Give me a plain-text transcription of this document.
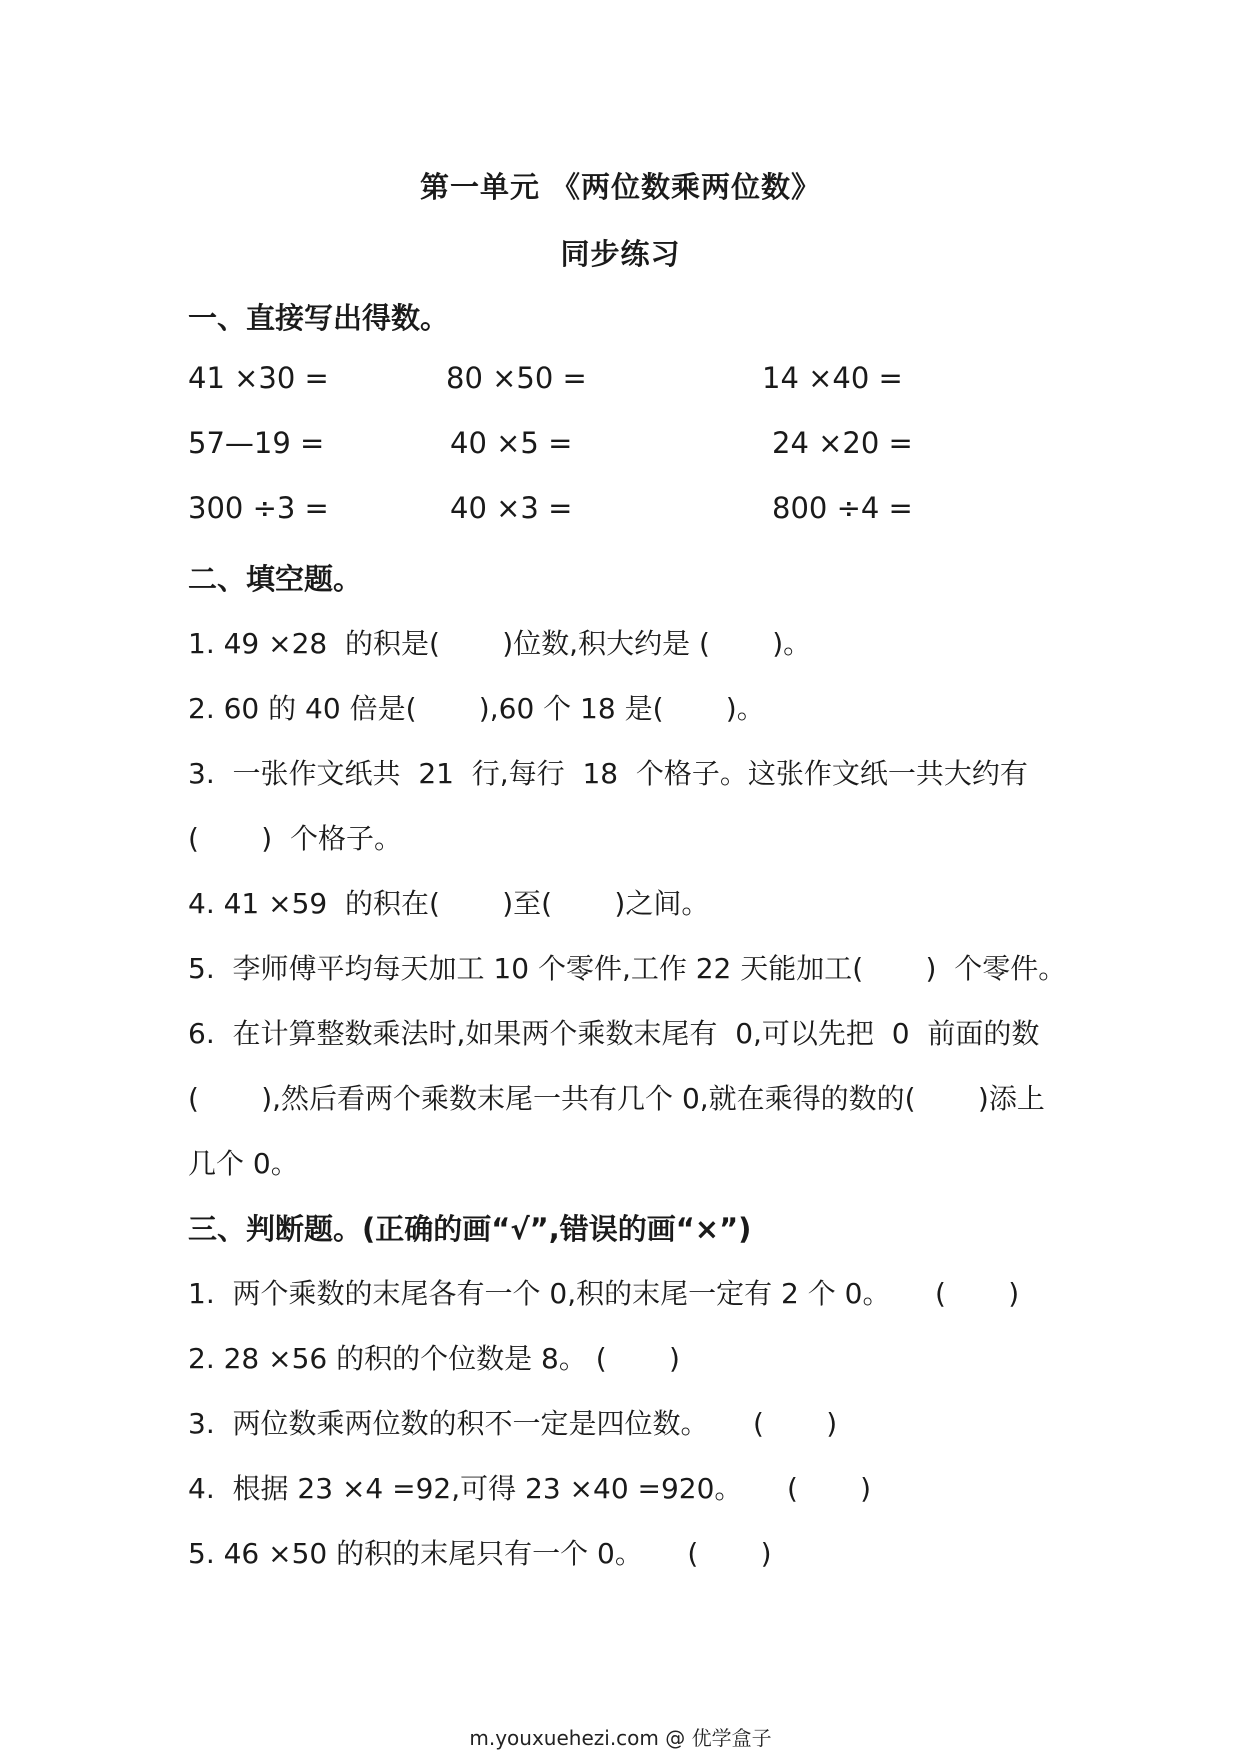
第一单元 《两位数乘两位数》
同步练习
一、直接写出得数。
41 ×30 =	80 ×50 =	14 ×40 =
57—19 =	40 ×5 =	24 ×20 =
300 ÷3 =	40 ×3 =	800 ÷4 =
二、填空题。
1. 49 ×28  的积是(       )位数,积大约是 (       )。
2. 60 的 40 倍是(       ),60 个 18 是(       )。
3.  一张作文纸共  21  行,每行  18  个格子。这张作文纸一共大约有
(       )  个格子。
4. 41 ×59  的积在(       )至(       )之间。
5.  李师傅平均每天加工 10 个零件,工作 22 天能加工(       )  个零件。
6.  在计算整数乘法时,如果两个乘数末尾有  0,可以先把  0  前面的数
(       ),然后看两个乘数末尾一共有几个 0,就在乘得的数的(       )添上
几个 0。
三、判断题。(正确的画“√”,错误的画“×”)
1.  两个乘数的末尾各有一个 0,积的末尾一定有 2 个 0。     (       )
2. 28 ×56 的积的个位数是 8。 (       )
3.  两位数乘两位数的积不一定是四位数。     (       )
4.  根据 23 ×4 =92,可得 23 ×40 =920。     (       )
5. 46 ×50 的积的末尾只有一个 0。     (       )
m.youxuehezi.com @ 优学盒子
